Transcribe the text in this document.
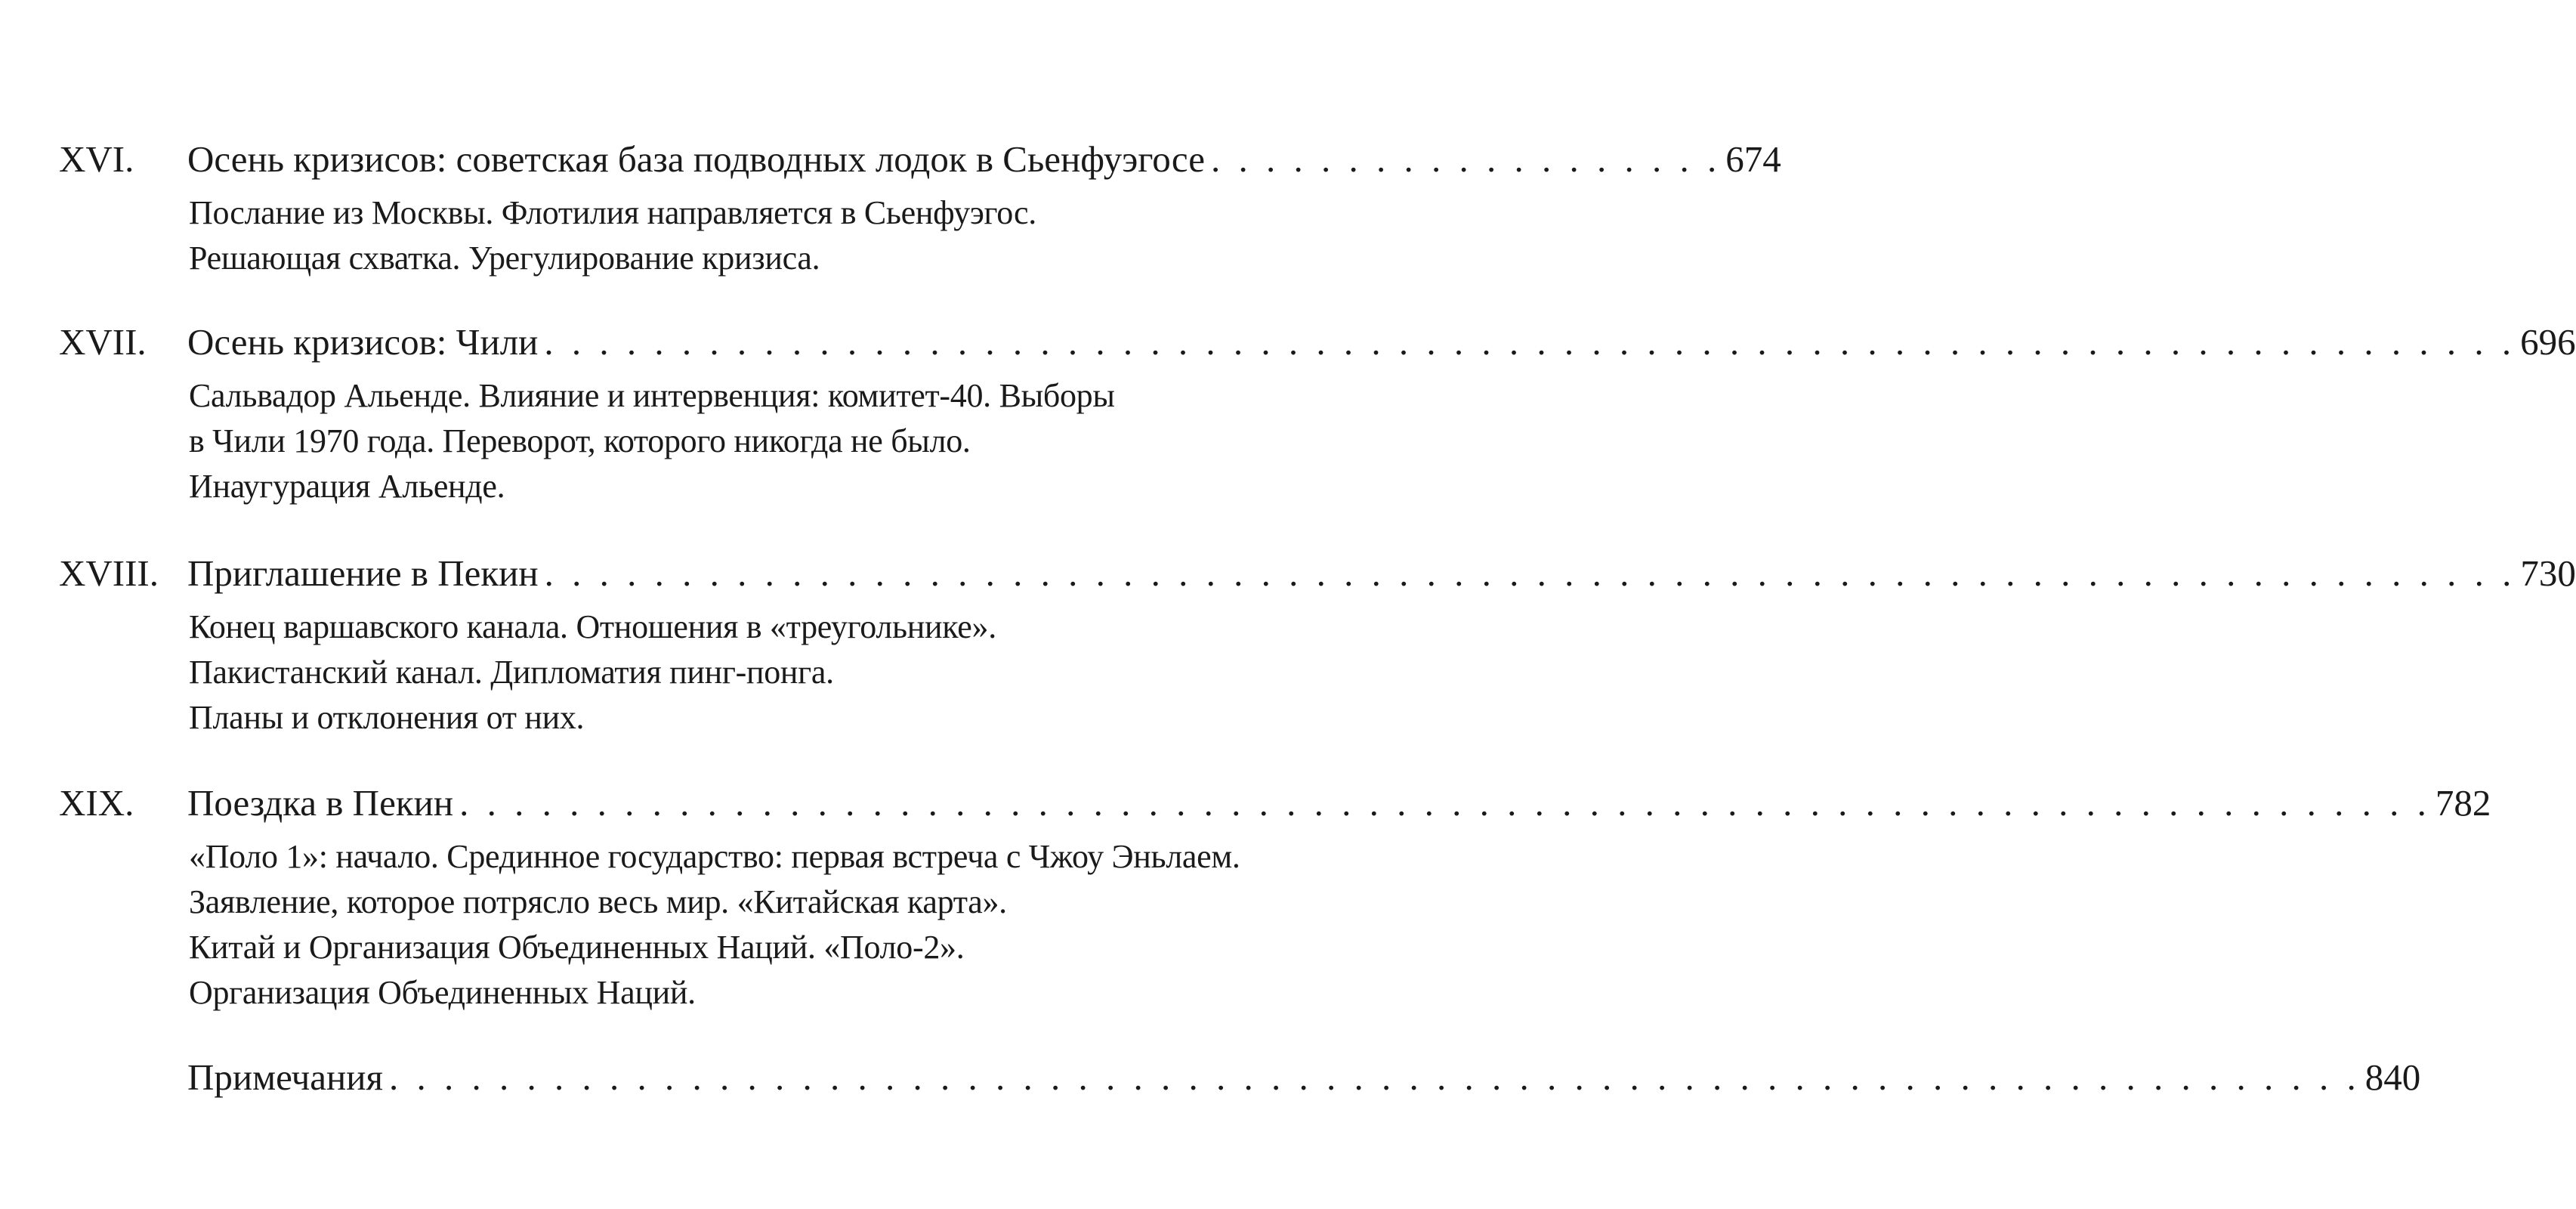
XVI. Осень кризисов: советская база подводных лодок в Сьенфуэгосе . . . . . . . . . . . . . . . . . . . 674
Послание из Москвы. Флотилия направляется в Сьенфуэгос.
Решающая схватка. Урегулирование кризиса.
XVII. Осень кризисов: Чили . . . . . . . . . . . . . . . . . . . . . . . . . . . . . . . . . . . . . . . . . . . . . . . . . . . . . . . . . . . . . . . . . . . . . . . . 696
Сальвадор Альенде. Влияние и интервенция: комитет-40. Выборы
в Чили 1970 года. Переворот, которого никогда не было.
Инаугурация Альенде.
XVIII. Приглашение в Пекин . . . . . . . . . . . . . . . . . . . . . . . . . . . . . . . . . . . . . . . . . . . . . . . . . . . . . . . . . . . . . . . . . . . . . . . . 730
Конец варшавского канала. Отношения в «треугольнике».
Пакистанский канал. Дипломатия пинг-понга.
Планы и отклонения от них.
XIX. Поездка в Пекин . . . . . . . . . . . . . . . . . . . . . . . . . . . . . . . . . . . . . . . . . . . . . . . . . . . . . . . . . . . . . . . . . . . . . . . . 782
«Поло 1»: начало. Срединное государство: первая встреча с Чжоу Эньлаем.
Заявление, которое потрясло весь мир. «Китайская карта».
Китай и Организация Объединенных Наций. «Поло-2».
Организация Объединенных Наций.
Примечания . . . . . . . . . . . . . . . . . . . . . . . . . . . . . . . . . . . . . . . . . . . . . . . . . . . . . . . . . . . . . . . . . . . . . . . . 840
